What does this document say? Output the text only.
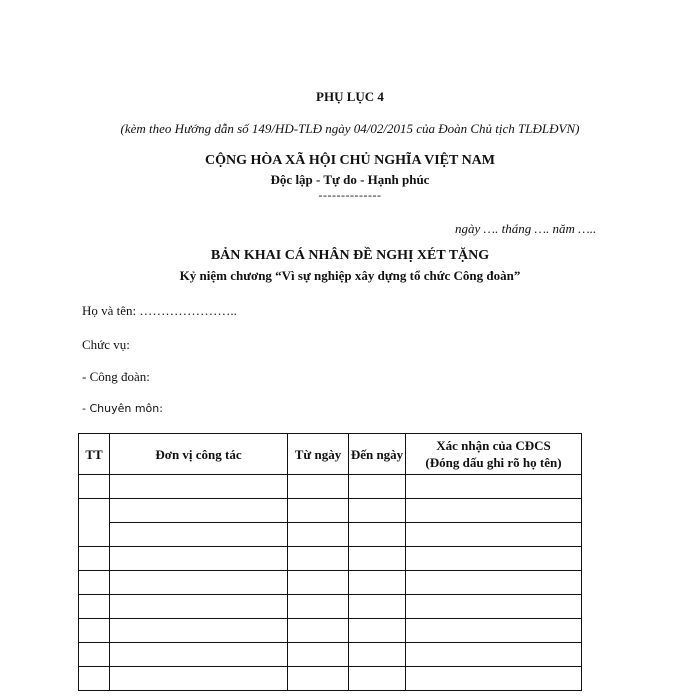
PHỤ LỤC 4
(kèm theo Hướng dẫn số 149/HD-TLĐ ngày 04/02/2015 của Đoàn Chủ tịch TLĐLĐVN)
CỘNG HÒA XÃ HỘI CHỦ NGHĨA VIỆT NAM
Độc lập - Tự do - Hạnh phúc
--------------
ngày …. tháng …. năm …..
BẢN KHAI CÁ NHÂN ĐỀ NGHỊ XÉT TẶNG
Kỷ niệm chương “Vì sự nghiệp xây dựng tổ chức Công đoàn”
Họ và tên: …………………..
Chức vụ:
- Công đoàn:
- Chuyên môn:
TT	Đơn vị công tác	Từ ngày	Đến ngày	Xác nhận của CĐCS
(Đóng dấu ghi rõ họ tên)
